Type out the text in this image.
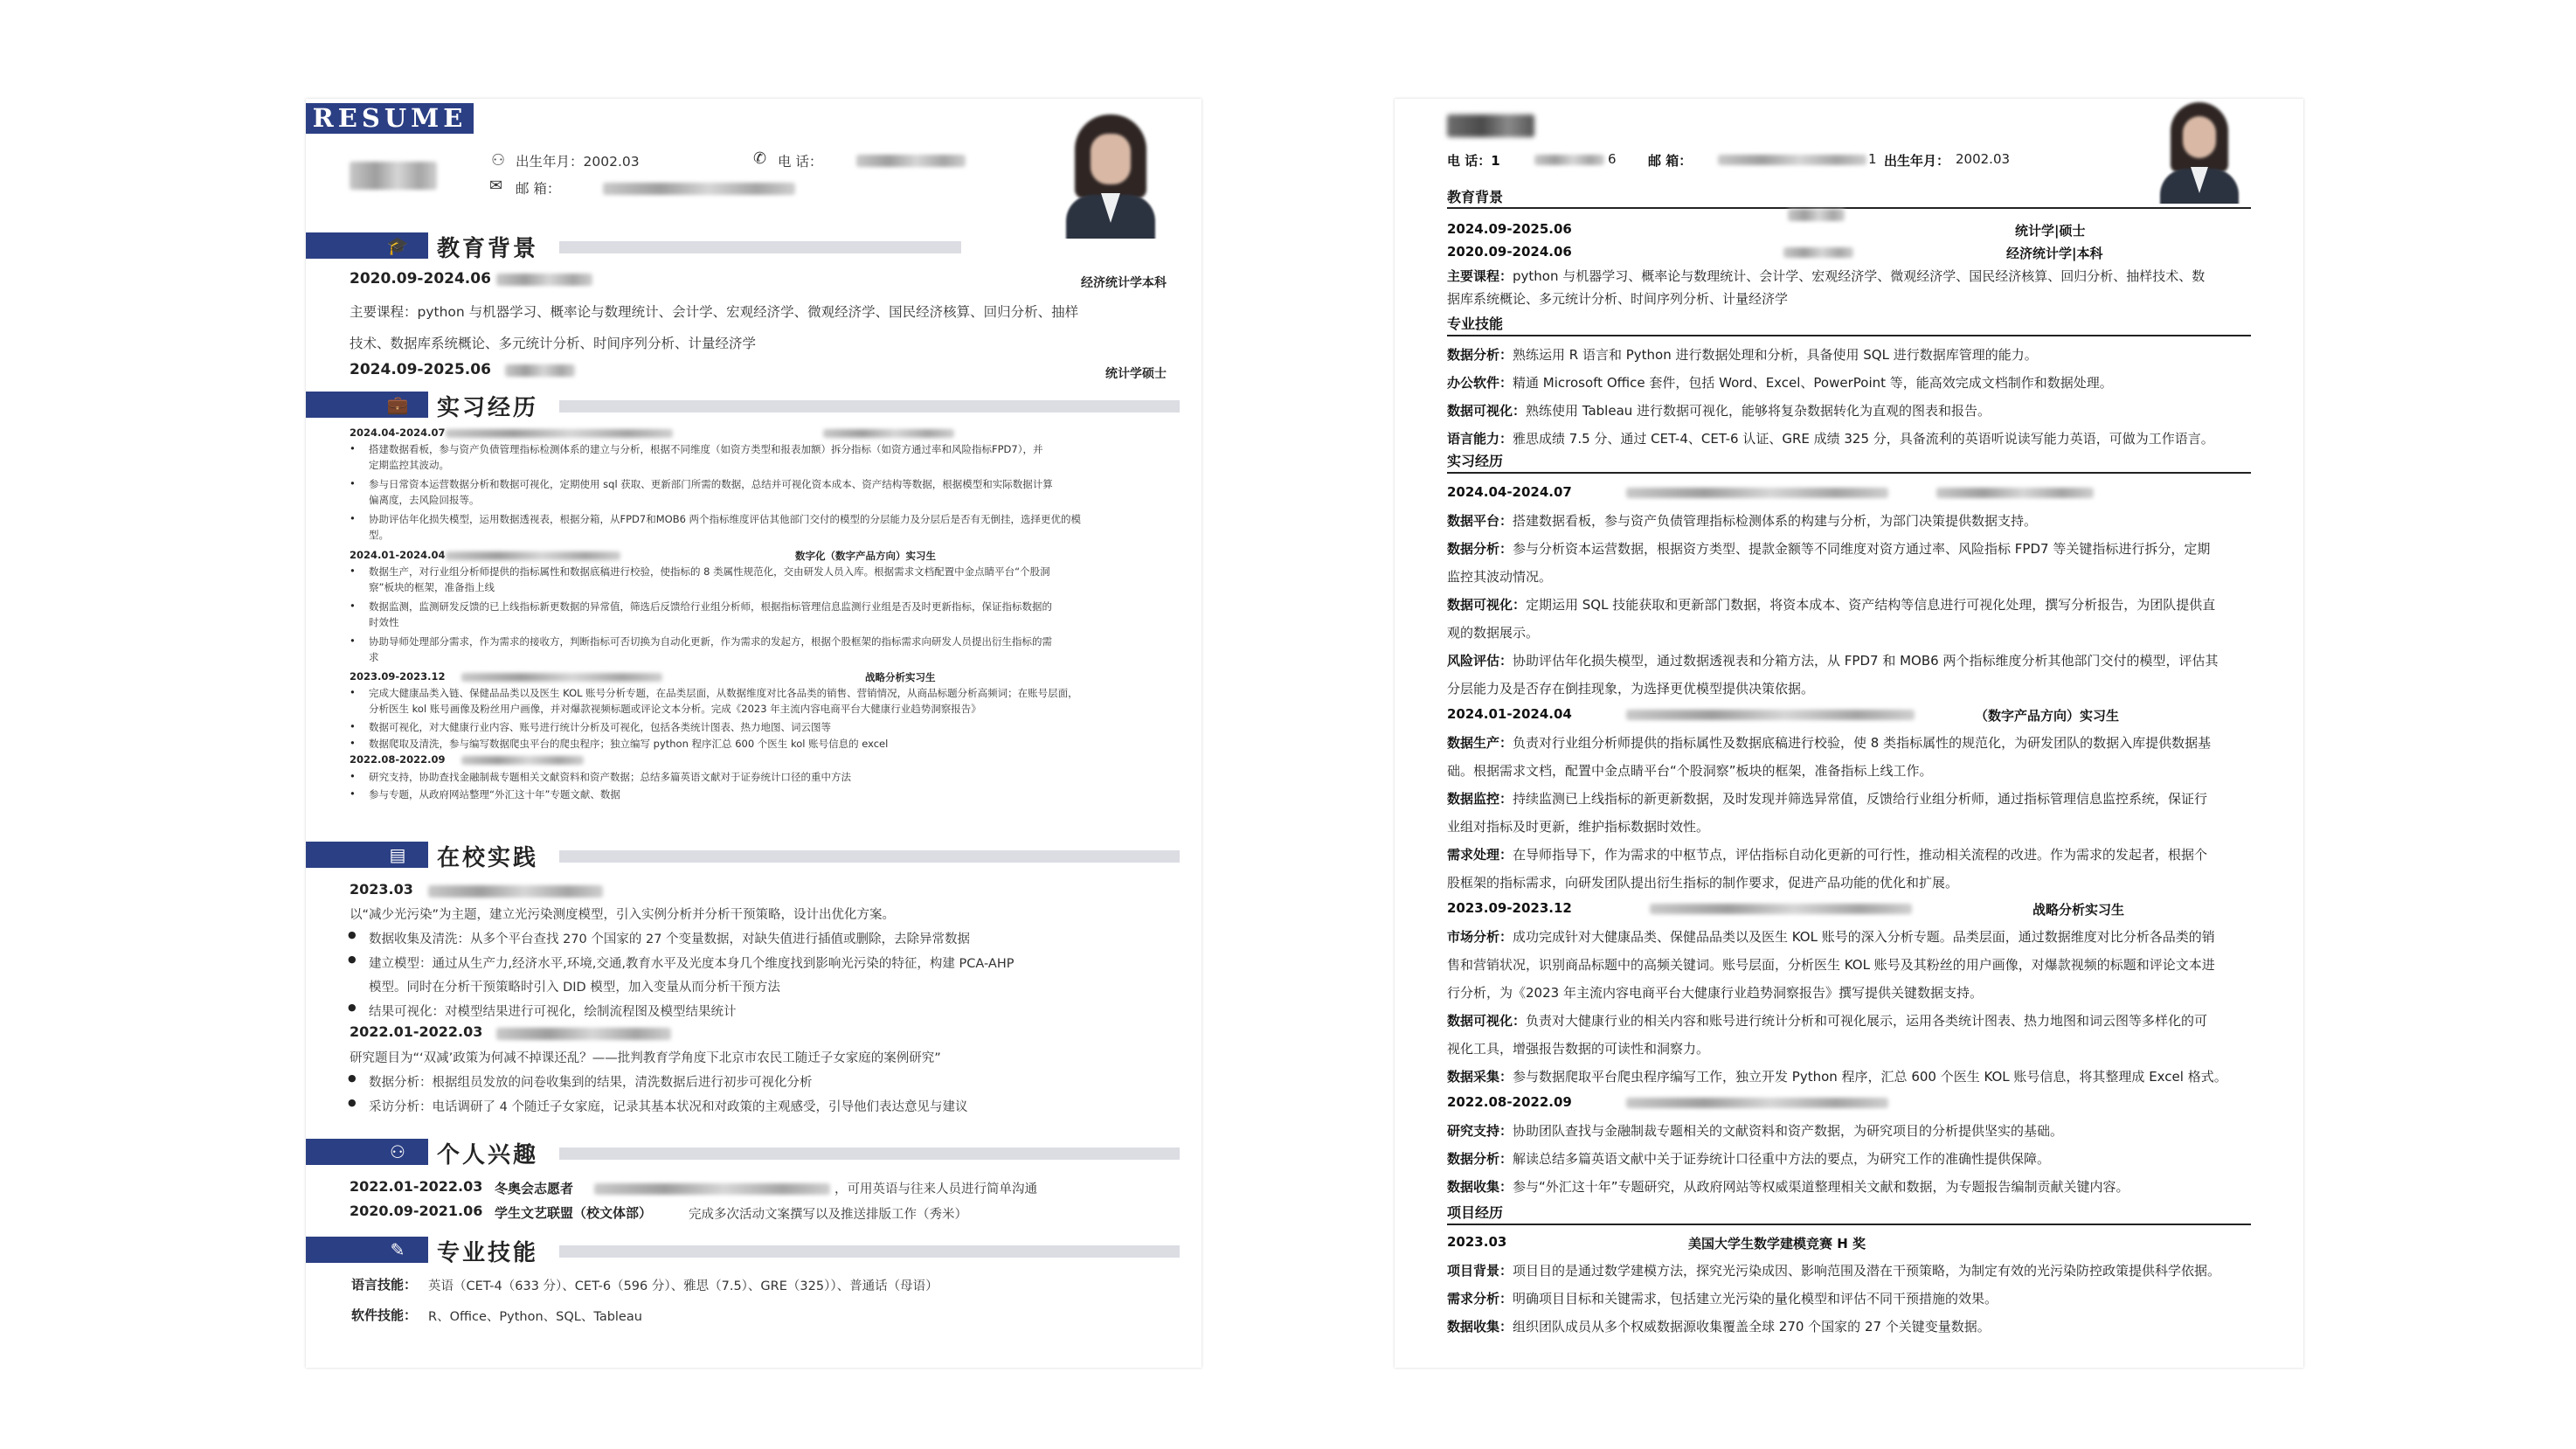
RESUME
⚇ 出生年月：2002.03	✆ 电 话：
✉ 邮 箱：
🎓 教育背景
2020.09-2024.06	经济统计学本科
主要课程：python 与机器学习、概率论与数理统计、会计学、宏观经济学、微观经济学、国民经济核算、回归分析、抽样
技术、数据库系统概论、多元统计分析、时间序列分析、计量经济学
2024.09-2025.06	统计学硕士
💼 实习经历
2024.04-2024.07
• 搭建数据看板，参与资产负债管理指标检测体系的建立与分析，根据不同维度（如资方类型和报表加额）拆分指标（如资方通过率和风险指标FPD7），并
定期监控其波动。
• 参与日常资本运营数据分析和数据可视化，定期使用 sql 获取、更新部门所需的数据，总结并可视化资本成本、资产结构等数据，根据模型和实际数据计算
偏离度，去风险回报等。
• 协助评估年化损失模型，运用数据透视表，根据分箱，从FPD7和MOB6 两个指标维度评估其他部门交付的模型的分层能力及分层后是否有无倒挂，选择更优的模
型。
2024.01-2024.04	数字化（数字产品方向）实习生
• 数据生产，对行业组分析师提供的指标属性和数据底稿进行校验，使指标的 8 类属性规范化，交由研发人员入库。根据需求文档配置中金点睛平台“个股洞
察”板块的框架，准备指上线
• 数据监测，监测研发反馈的已上线指标新更数据的异常值，筛选后反馈给行业组分析师，根据指标管理信息监测行业组是否及时更新指标，保证指标数据的
时效性
• 协助导师处理部分需求，作为需求的接收方，判断指标可否切换为自动化更新，作为需求的发起方，根据个股框架的指标需求向研发人员提出衍生指标的需
求
2023.09-2023.12	战略分析实习生
• 完成大健康品类入链、保健品品类以及医生 KOL 账号分析专题，在品类层面，从数据维度对比各品类的销售、营销情况，从商品标题分析高频词；在账号层面，
分析医生 kol 账号画像及粉丝用户画像，并对爆款视频标题或评论文本分析。完成《2023 年主流内容电商平台大健康行业趋势洞察报告》
• 数据可视化，对大健康行业内容、账号进行统计分析及可视化，包括各类统计图表、热力地图、词云图等
• 数据爬取及清洗，参与编写数据爬虫平台的爬虫程序；独立编写 python 程序汇总 600 个医生 kol 账号信息的 excel
2022.08-2022.09
• 研究支持，协助查找金融制裁专题相关文献资料和资产数据；总结多篇英语文献对于证券统计口径的重中方法
• 参与专题，从政府网站整理“外汇这十年”专题文献、数据
▤ 在校实践
2023.03
以“减少光污染”为主题，建立光污染测度模型，引入实例分析并分析干预策略，设计出优化方案。
● 数据收集及清洗：从多个平台查找 270 个国家的 27 个变量数据，对缺失值进行插值或删除，去除异常数据
● 建立模型：通过从生产力,经济水平,环境,交通,教育水平及光度本身几个维度找到影响光污染的特征，构建 PCA-AHP
模型。同时在分析干预策略时引入 DID 模型，加入变量从而分析干预方法
● 结果可视化：对模型结果进行可视化，绘制流程图及模型结果统计
2022.01-2022.03
研究题目为“‘双减’政策为何减不掉课还乱？——批判教育学角度下北京市农民工随迁子女家庭的案例研究”
● 数据分析：根据组员发放的问卷收集到的结果，清洗数据后进行初步可视化分析
● 采访分析：电话调研了 4 个随迁子女家庭，记录其基本状况和对政策的主观感受，引导他们表达意见与建议
⚇ 个人兴趣
2022.01-2022.03 冬奥会志愿者	，可用英语与往来人员进行简单沟通
2020.09-2021.06 学生文艺联盟（校文体部）	完成多次活动文案撰写以及推送排版工作（秀米）
✎ 专业技能
语言技能： 英语（CET-4（633 分）、CET-6（596 分）、雅思（7.5）、GRE（325））、普通话（母语）
软件技能： R、Office、Python、SQL、Tableau
电 话：1	6 邮 箱：	1 出生年月： 2002.03
教育背景
2024.09-2025.06	统计学|硕士
2020.09-2024.06	经济统计学|本科
主要课程：python 与机器学习、概率论与数理统计、会计学、宏观经济学、微观经济学、国民经济核算、回归分析、抽样技术、数
据库系统概论、多元统计分析、时间序列分析、计量经济学
专业技能
数据分析：熟练运用 R 语言和 Python 进行数据处理和分析，具备使用 SQL 进行数据库管理的能力。
办公软件：精通 Microsoft Office 套件，包括 Word、Excel、PowerPoint 等，能高效完成文档制作和数据处理。
数据可视化：熟练使用 Tableau 进行数据可视化，能够将复杂数据转化为直观的图表和报告。
语言能力：雅思成绩 7.5 分、通过 CET-4、CET-6 认证、GRE 成绩 325 分，具备流利的英语听说读写能力英语，可做为工作语言。
实习经历
2024.04-2024.07
数据平台：搭建数据看板，参与资产负债管理指标检测体系的构建与分析，为部门决策提供数据支持。
数据分析：参与分析资本运营数据，根据资方类型、提款金额等不同维度对资方通过率、风险指标 FPD7 等关键指标进行拆分，定期
监控其波动情况。
数据可视化：定期运用 SQL 技能获取和更新部门数据，将资本成本、资产结构等信息进行可视化处理，撰写分析报告，为团队提供直
观的数据展示。
风险评估：协助评估年化损失模型，通过数据透视表和分箱方法，从 FPD7 和 MOB6 两个指标维度分析其他部门交付的模型，评估其
分层能力及是否存在倒挂现象，为选择更优模型提供决策依据。
2024.01-2024.04	（数字产品方向）实习生
数据生产：负责对行业组分析师提供的指标属性及数据底稿进行校验，使 8 类指标属性的规范化，为研发团队的数据入库提供数据基
础。根据需求文档，配置中金点睛平台“个股洞察”板块的框架，准备指标上线工作。
数据监控：持续监测已上线指标的新更新数据，及时发现并筛选异常值，反馈给行业组分析师，通过指标管理信息监控系统，保证行
业组对指标及时更新，维护指标数据时效性。
需求处理：在导师指导下，作为需求的中枢节点，评估指标自动化更新的可行性，推动相关流程的改进。作为需求的发起者，根据个
股框架的指标需求，向研发团队提出衍生指标的制作要求，促进产品功能的优化和扩展。
2023.09-2023.12	战略分析实习生
市场分析：成功完成针对大健康品类、保健品品类以及医生 KOL 账号的深入分析专题。品类层面，通过数据维度对比分析各品类的销
售和营销状况，识别商品标题中的高频关键词。账号层面，分析医生 KOL 账号及其粉丝的用户画像，对爆款视频的标题和评论文本进
行分析，为《2023 年主流内容电商平台大健康行业趋势洞察报告》撰写提供关键数据支持。
数据可视化：负责对大健康行业的相关内容和账号进行统计分析和可视化展示，运用各类统计图表、热力地图和词云图等多样化的可
视化工具，增强报告数据的可读性和洞察力。
数据采集：参与数据爬取平台爬虫程序编写工作，独立开发 Python 程序，汇总 600 个医生 KOL 账号信息，将其整理成 Excel 格式。
2022.08-2022.09
研究支持：协助团队查找与金融制裁专题相关的文献资料和资产数据，为研究项目的分析提供坚实的基础。
数据分析：解读总结多篇英语文献中关于证券统计口径重中方法的要点，为研究工作的准确性提供保障。
数据收集：参与“外汇这十年”专题研究，从政府网站等权威渠道整理相关文献和数据，为专题报告编制贡献关键内容。
项目经历
2023.03	美国大学生数学建模竞赛 H 奖
项目背景：项目目的是通过数学建模方法，探究光污染成因、影响范围及潜在干预策略，为制定有效的光污染防控政策提供科学依据。
需求分析：明确项目目标和关键需求，包括建立光污染的量化模型和评估不同干预措施的效果。
数据收集：组织团队成员从多个权威数据源收集覆盖全球 270 个国家的 27 个关键变量数据。
